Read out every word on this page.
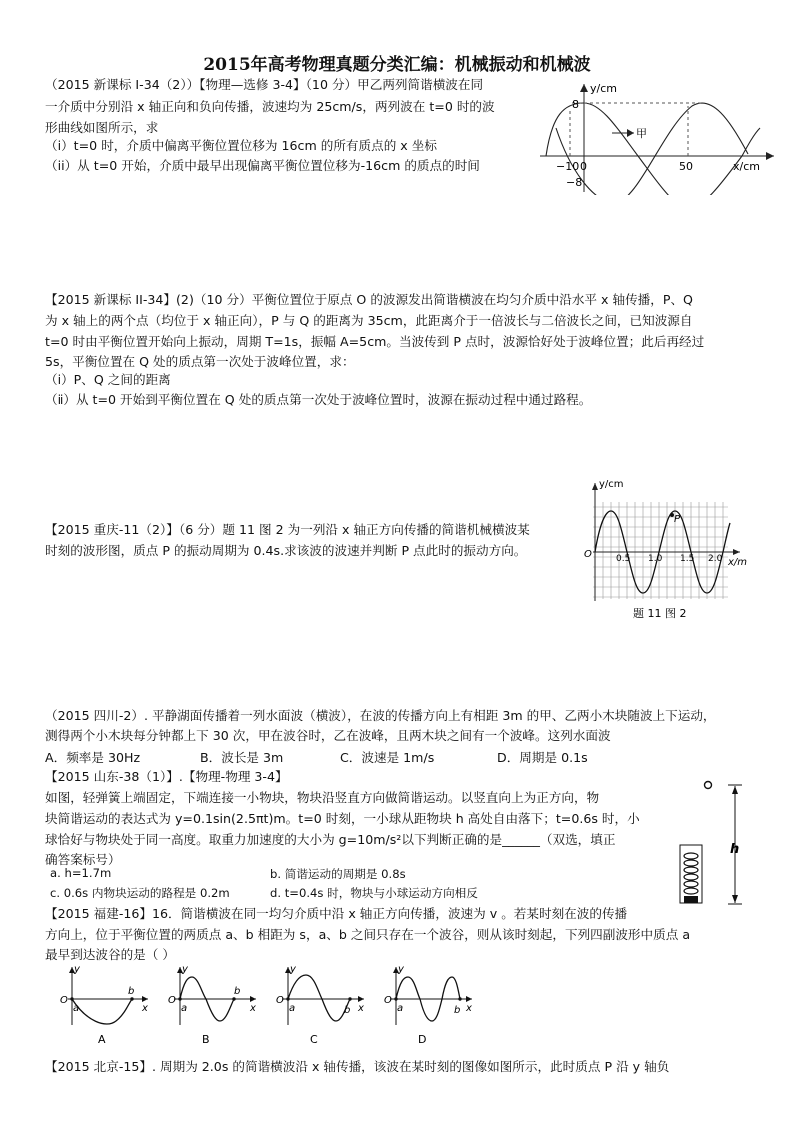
2015年高考物理真题分类汇编：机械振动和机械波
（2015 新课标 I-34（2））【物理—选修 3-4】（10 分）甲乙两列简谐横波在同
一介质中分别沿 x 轴正向和负向传播，波速均为 25cm/s，两列波在 t=0 时的波
形曲线如图所示，求
（i）t=0 时，介质中偏离平衡位置位移为 16cm 的所有质点的 x 坐标
（ii）从 t=0 开始，介质中最早出现偏离平衡位置位移为-16cm 的质点的时间
y/cm
8
−8
−10 0	50	x/cm
甲
乙
【2015 新课标 II-34】(2)（10 分）平衡位置位于原点 O 的波源发出简谐横波在均匀介质中沿水平 x 轴传播，P、Q
为 x 轴上的两个点（均位于 x 轴正向），P 与 Q 的距离为 35cm，此距离介于一倍波长与二倍波长之间，已知波源自
t=0 时由平衡位置开始向上振动，周期 T=1s，振幅 A=5cm。当波传到 P 点时，波源恰好处于波峰位置；此后再经过
5s，平衡位置在 Q 处的质点第一次处于波峰位置，求：
（ⅰ）P、Q 之间的距离
（ⅱ）从 t=0 开始到平衡位置在 Q 处的质点第一次处于波峰位置时，波源在振动过程中通过路程。
【2015 重庆-11（2）】（6 分）题 11 图 2 为一列沿 x 轴正方向传播的简谐机械横波某
时刻的波形图，质点 P 的振动周期为 0.4s.求该波的波速并判断 P 点此时的振动方向。
y/cm
O	0.5 1.0 1.5 2.0 x/m
P
题 11 图 2
（2015 四川-2）. 平静湖面传播着一列水面波（横波），在波的传播方向上有相距 3m 的甲、乙两小木块随波上下运动，
测得两个小木块每分钟都上下 30 次，甲在波谷时，乙在波峰，且两木块之间有一个波峰。这列水面波
A．频率是 30Hz	B．波长是 3m	C．波速是 1m/s	D．周期是 0.1s
【2015 山东-38（1）】.【物理-物理 3-4】
如图，轻弹簧上端固定，下端连接一小物块，物块沿竖直方向做简谐运动。以竖直向上为正方向，物
块简谐运动的表达式为 y=0.1sin(2.5πt)m。t=0 时刻，一小球从距物块 h 高处自由落下；t=0.6s 时，小
球恰好与物块处于同一高度。取重力加速度的大小为 g=10m/s²以下判断正确的是______（双选，填正
确答案标号）
a. h=1.7m	b. 简谐运动的周期是 0.8s
c. 0.6s 内物块运动的路程是 0.2m	d. t=0.4s 时，物块与小球运动方向相反
h
【2015 福建-16】16．简谐横波在同一均匀介质中沿 x 轴正方向传播，波速为 v 。若某时刻在波的传播
方向上，位于平衡位置的两质点 a、b 相距为 s，a、b 之间只存在一个波谷，则从该时刻起，下列四副波形中质点 a
最早到达波谷的是（ ）
y
O
a
b
x
A
y
O
a
b
x
B
y
O
a	b x
C
y
O
a	b x
D
【2015 北京-15】. 周期为 2.0s 的简谐横波沿 x 轴传播，该波在某时刻的图像如图所示，此时质点 P 沿 y 轴负
